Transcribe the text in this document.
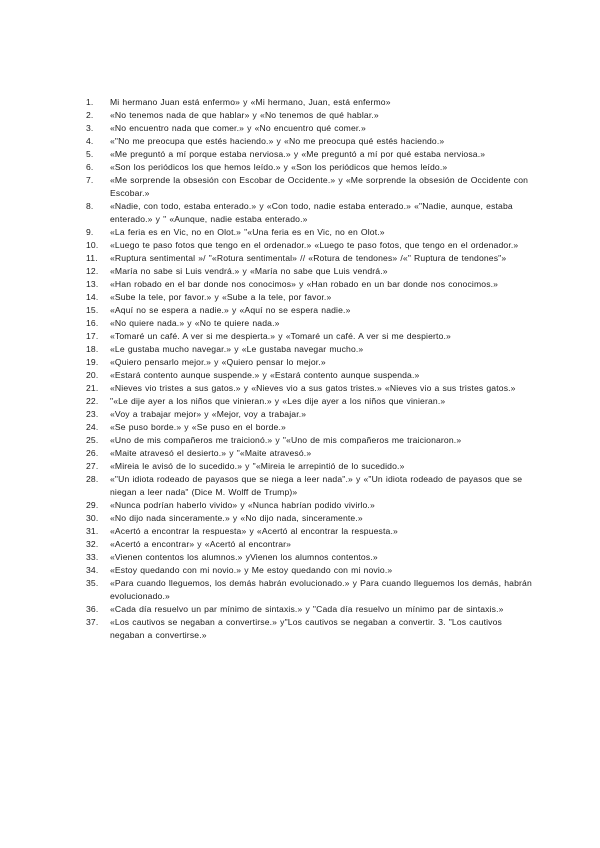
1.	Mi hermano Juan está enfermo» y «Mi hermano, Juan, está enfermo»
2.	«No tenemos nada de que hablar» y «No tenemos de qué hablar.»
3.	«No encuentro nada que comer.» y «No encuentro qué comer.»
4.	«"No me preocupa que estés haciendo.» y «No me preocupa qué estés haciendo.»
5.	«Me preguntó a mí porque estaba nerviosa.» y «Me preguntó a mí por qué estaba nerviosa.»
6.	«Son los periódicos los que hemos leído.» y «Son los periódicos que hemos leído.»
7.	«Me sorprende la obsesión con Escobar de Occidente.» y «Me sorprende la obsesión de Occidente con Escobar.»
8.	«Nadie, con todo, estaba enterado.» y «Con todo, nadie estaba enterado.» «"Nadie, aunque, estaba enterado.» y " «Aunque, nadie estaba enterado.»
9.	«La feria es en Vic, no en Olot.» "«Una feria es en Vic, no en Olot.»
10.	«Luego te paso fotos que tengo en el ordenador.» «Luego te paso fotos, que tengo en el ordenador.»
11.	«Ruptura sentimental »/ "«Rotura sentimental» // «Rotura de tendones» /«" Ruptura de tendones"»
12.	«María no sabe si Luis vendrá.» y «María no sabe que Luis vendrá.»
13.	«Han robado en el bar donde nos conocimos» y «Han robado en un bar donde nos conocimos.»
14.	«Sube la tele, por favor.» y «Sube a la tele, por favor.»
15.	«Aquí no se espera a nadie.» y «Aquí no se espera nadie.»
16.	«No quiere nada.» y «No te quiere nada.»
17.	«Tomaré un café. A ver si me despierta.» y «Tomaré un café. A ver si me despierto.»
18.	«Le gustaba mucho navegar.» y «Le gustaba navegar mucho.»
19.	«Quiero pensarlo mejor.» y «Quiero pensar lo mejor.»
20.	«Estará contento aunque suspende.» y «Estará contento aunque suspenda.»
21.	«Nieves vio tristes a sus gatos.» y «Nieves vio a sus gatos tristes.» «Nieves vio a sus tristes gatos.»
22.	"«Le dije ayer a los niños que vinieran.» y «Les dije ayer a los niños que vinieran.»
23.	«Voy a trabajar mejor» y «Mejor, voy a trabajar.»
24.	«Se puso borde.» y «Se puso en el borde.»
25.	«Uno de mis compañeros me traicionó.» y "«Uno de mis compañeros me traicionaron.»
26.	«Maite atravesó el desierto.» y "«Maite atravesó.»
27.	«Mireia le avisó de lo sucedido.» y "«Mireia le arrepintió de lo sucedido.»
28.	«"Un idiota rodeado de payasos que se niega a leer nada".» y «"Un idiota rodeado de payasos que se niegan a leer nada" (Dice M. Wolff de Trump)»
29.	«Nunca podrían haberlo vivido» y «Nunca habrían podido vivirlo.»
30.	«No dijo nada sinceramente.» y «No dijo nada, sinceramente.»
31.	«Acertó a encontrar la respuesta» y «Acertó al encontrar la respuesta.»
32.	«Acertó a encontrar» y «Acertó al encontrar»
33.	«Vienen contentos los alumnos.» yVienen los alumnos contentos.»
34.	«Estoy quedando con mi novio.» y Me estoy quedando con mi novio.»
35.	«Para cuando lleguemos, los demás habrán evolucionado.» y Para cuando lleguemos los demás, habrán evolucionado.»
36.	«Cada día resuelvo un par mínimo de sintaxis.» y "Cada día resuelvo un mínimo par de sintaxis.»
37.	«Los cautivos se negaban a convertirse.» y"Los cautivos se negaban a convertir. 3. "Los cautivos negaban a convertirse.»
